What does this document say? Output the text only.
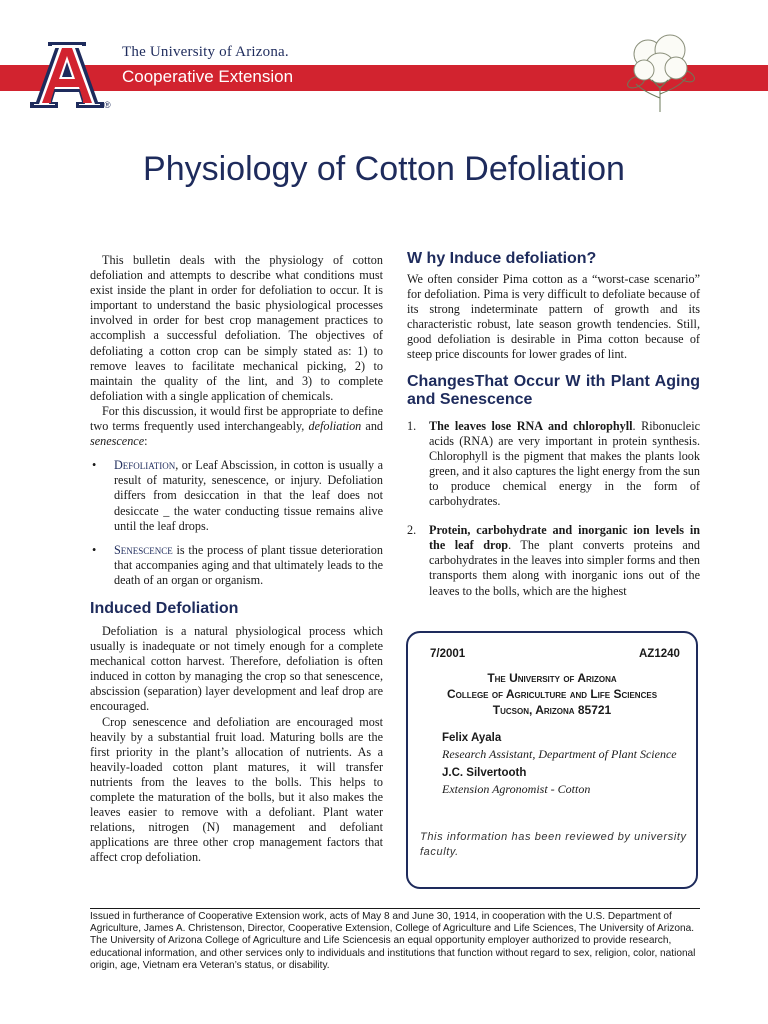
®
The University of Arizona.
Cooperative Extension
Physiology of Cotton Defoliation

This bulletin deals with the physiology of cotton defoliation and attempts to describe what conditions must exist inside the plant in order for defoliation to occur. It is important to understand the basic physiological processes involved in order for best crop management practices to accomplish a successful defoliation. The objectives of defoliating a cotton crop can be simply stated as: 1) to remove leaves to facilitate mechanical picking, 2) to maintain the quality of the lint, and 3) to complete defoliation with a single application of chemicals.

For this discussion, it would first be appropriate to define two terms frequently used interchangeably, defoliation and senescence:

• Defoliation, or Leaf Abscission, in cotton is usually a result of maturity, senescence, or injury. Defoliation differs from desiccation in that the leaf does not desiccate _ the water conducting tissue remains alive until the leaf drops.
• Senescence is the process of plant tissue deterioration that accompanies aging and that ultimately leads to the death of an organ or organism.
Induced Defoliation

Defoliation is a natural physiological process which usually is inadequate or not timely enough for a complete mechanical cotton harvest. Therefore, defoliation is often induced in cotton by managing the crop so that senescence, abscission (separation) layer development and leaf drop are encouraged.

Crop senescence and defoliation are encouraged most heavily by a substantial fruit load. Maturing bolls are the first priority in the plant’s allocation of nutrients. As a heavily-loaded cotton plant matures, it will transfer nutrients from the leaves to the bolls. This helps to complete the maturation of the bolls, but it also makes the leaves easier to remove with a defoliant. Plant water relations, nitrogen (N) management and defoliant applications are three other crop management factors that affect crop defoliation.

W hy Induce defoliation?

We often consider Pima cotton as a “worst-case scenario” for defoliation. Pima is very difficult to defoliate because of its strong indeterminate pattern of growth and its characteristic robust, late season growth tendencies. Still, good defoliation is desirable in Pima cotton because of steep price discounts for lower grades of lint.

ChangesThat Occur W ith Plant Aging and Senescence
1. The leaves lose RNA and chlorophyll. Ribonucleic acids (RNA) are very important in protein synthesis. Chlorophyll is the pigment that makes the plants look green, and it also captures the light energy from the sun to produce chemical energy in the form of carbohydrates.
2. Protein, carbohydrate and inorganic ion levels in the leaf drop. The plant converts proteins and carbohydrates in the leaves into simpler forms and then transports them along with inorganic ions out of the leaves to the bolls, which are the highest
7/2001	AZ1240
The University of Arizona
College of Agriculture and Life Sciences
Tucson, Arizona 85721
Felix Ayala
Research Assistant, Department of Plant Science
J.C. Silvertooth
Extension Agronomist - Cotton
This information has been reviewed by university faculty.
Issued in furtherance of Cooperative Extension work, acts of May 8 and June 30, 1914, in cooperation with the U.S. Department of Agriculture, James A. Christenson, Director, Cooperative Extension, College of Agriculture and Life Sciences, The University of Arizona. The University of Arizona College of Agriculture and Life Sciencesis an equal opportunity employer authorized to provide research, educational information, and other services only to individuals and institutions that function without regard to sex, religion, color, national origin, age, Vietnam era Veteran’s status, or disability.
